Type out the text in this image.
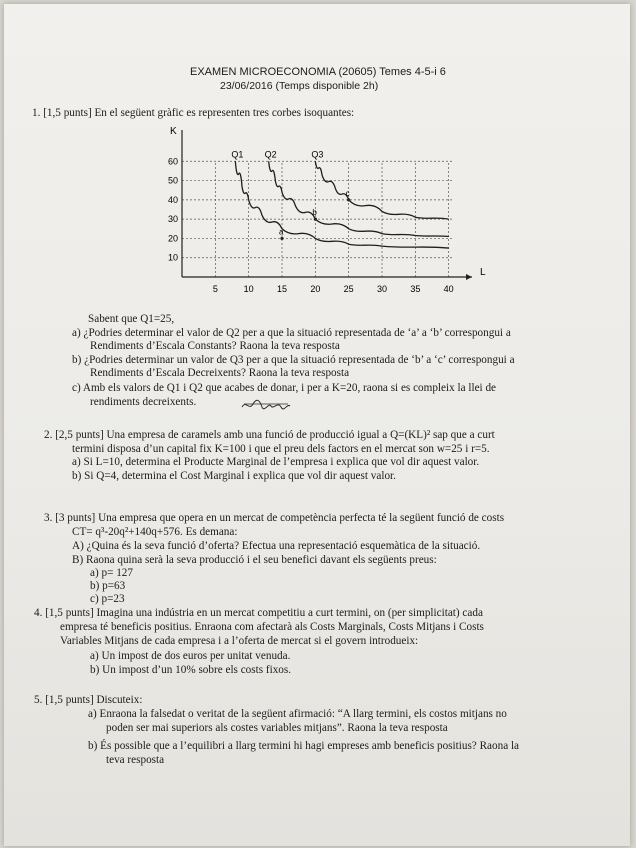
EXAMEN MICROECONOMIA (20605) Temes 4-5-i 6
23/06/2016 (Temps disponible 2h)
1. [1,5 punts] En el següent gràfic es representen tres corbes isoquantes:
L
K
5	10	15	20	25	30	35	40
10
20
30
40
50
60
Q1 Q2	Q3
a
b
c
Sabent que Q1=25,
a) ¿Podries determinar el valor de Q2 per a que la situació representada de ‘a’ a ‘b’ correspongui a
Rendiments d’Escala Constants? Raona la teva resposta
b) ¿Podries determinar un valor de Q3 per a que la situació representada de ‘b’ a ‘c’ correspongui a
Rendiments d’Escala Decreixents? Raona la teva resposta
c) Amb els valors de Q1 i Q2 que acabes de donar, i per a K=20, raona si es compleix la llei de
rendiments decreixents.
2. [2,5 punts] Una empresa de caramels amb una funció de producció igual a Q=(KL)² sap que a curt
termini disposa d’un capital fix K=100 i que el preu dels factors en el mercat son w=25 i r=5.
a) Si L=10, determina el Producte Marginal de l’empresa i explica que vol dir aquest valor.
b) Si Q=4, determina el Cost Marginal i explica que vol dir aquest valor.
3. [3 punts] Una empresa que opera en un mercat de competència perfecta té la següent funció de costs
CT= q³-20q²+140q+576. Es demana:
A) ¿Quina és la seva funció d’oferta? Efectua una representació esquemàtica de la situació.
B) Raona quina serà la seva producció i el seu benefici davant els següents preus:
a) p= 127
b) p=63
c) p=23
4. [1,5 punts] Imagina una indústria en un mercat competitiu a curt termini, on (per simplicitat) cada
empresa té beneficis positius. Enraona com afectarà als Costs Marginals, Costs Mitjans i Costs
Variables Mitjans de cada empresa i a l’oferta de mercat si el govern introdueix:
a) Un impost de dos euros per unitat venuda.
b) Un impost d’un 10% sobre els costs fixos.
5. [1,5 punts] Discuteix:
a) Enraona la falsedat o veritat de la següent afirmació: “A llarg termini, els costos mitjans no
poden ser mai superiors als costes variables mitjans”. Raona la teva resposta
b) És possible que a l’equilibri a llarg termini hi hagi empreses amb beneficis positius? Raona la
teva resposta
